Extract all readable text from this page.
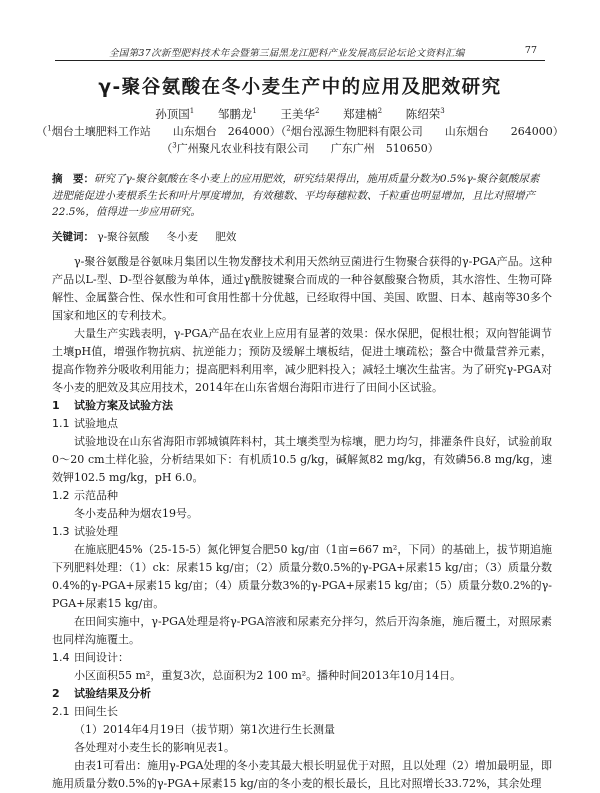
全国第37次新型肥料技术年会暨第三届黑龙江肥料产业发展高层论坛论文资料汇编	77
γ-聚谷氨酸在冬小麦生产中的应用及肥效研究
孙顶国$^1$ 邹鹏龙$^1$ 王美华$^2$ 郑建楠$^2$ 陈绍荣$^3$
（$^1$烟台土壤肥料工作站 山东烟台　 264000）（$^2$烟台泓源生物肥料有限公司 山东烟台 264000）
（$^3$广州聚凡农业科技有限公司 广东广州　 510650）
摘　要：研究了γ-聚谷氨酸在冬小麦上的应用肥效，研究结果得出，施用质量分数为0.5%γ-聚谷氨酸尿素进肥能促进小麦根系生长和叶片厚度增加，有效穗数、平均每穗粒数、千粒重也明显增加，且比对照增产22.5%，值得进一步应用研究。
关键词： γ-聚谷氨酸 冬小麦 肥效

γ-聚谷氨酸是谷氨味月集团以生物发酵技术利用天然纳豆菌进行生物聚合获得的γ-PGA产品。这种产品以L-型、D-型谷氨酸为单体，通过γ酰胺键聚合而成的一种谷氨酸聚合物质，其水溶性、生物可降解性、金属螯合性、保水性和可食用性都十分优越，已经取得中国、美国、欧盟、日本、越南等30多个国家和地区的专利技术。

大量生产实践表明，γ-PGA产品在农业上应用有显著的效果：保水保肥，促根壮根；双向智能调节土壤pH值，增强作物抗病、抗逆能力；预防及缓解土壤板结，促进土壤疏松；螯合中微量营养元素，提高作物养分吸收利用能力；提高肥料利用率，减少肥料投入；减轻土壤次生盐害。为了研究γ-PGA对冬小麦的肥效及其应用技术，2014年在山东省烟台海阳市进行了田间小区试验。

1 试验方案及试验方法

1.1 试验地点

试验地设在山东省海阳市郭城镇阵料村，其土壤类型为棕壤，肥力均匀，排灌条件良好，试验前取0～20 cm土样化验，分析结果如下：有机质10.5 g/kg，碱解氮82 mg/kg，有效磷56.8 mg/kg，速效钾102.5 mg/kg，pH 6.0。

1.2 示范品种

冬小麦品种为烟农19号。

1.3 试验处理

在施底肥45%（25-15-5）氮化钾复合肥50 kg/亩（1亩=667 m²，下同）的基础上，拔节期追施下列肥料处理：（1）ck：尿素15 kg/亩；（2）质量分数0.5%的γ-PGA+尿素15 kg/亩；（3）质量分数0.4%的γ-PGA+尿素15 kg/亩；（4）质量分数3%的γ-PGA+尿素15 kg/亩；（5）质量分数0.2%的γ-PGA+尿素15 kg/亩。

在田间实施中，γ-PGA处理是将γ-PGA溶液和尿素充分拌匀，然后开沟条施，施后覆土，对照尿素也同样沟施覆土。

1.4 田间设计：

小区面积55 m²，重复3次，总面积为2 100 m²。播种时间2013年10月14日。

2 试验结果及分析

2.1 田间生长

（1）2014年4月19日（拔节期）第1次进行生长测量

各处理对小麦生长的影响见表1。

由表1可看出：施用γ-PGA处理的冬小麦其最大根长明显优于对照，且以处理（2）增加最明显，即施用质量分数0.5%的γ-PGA+尿素15 kg/亩的冬小麦的根长最长，且比对照增长33.72%，其余处理
